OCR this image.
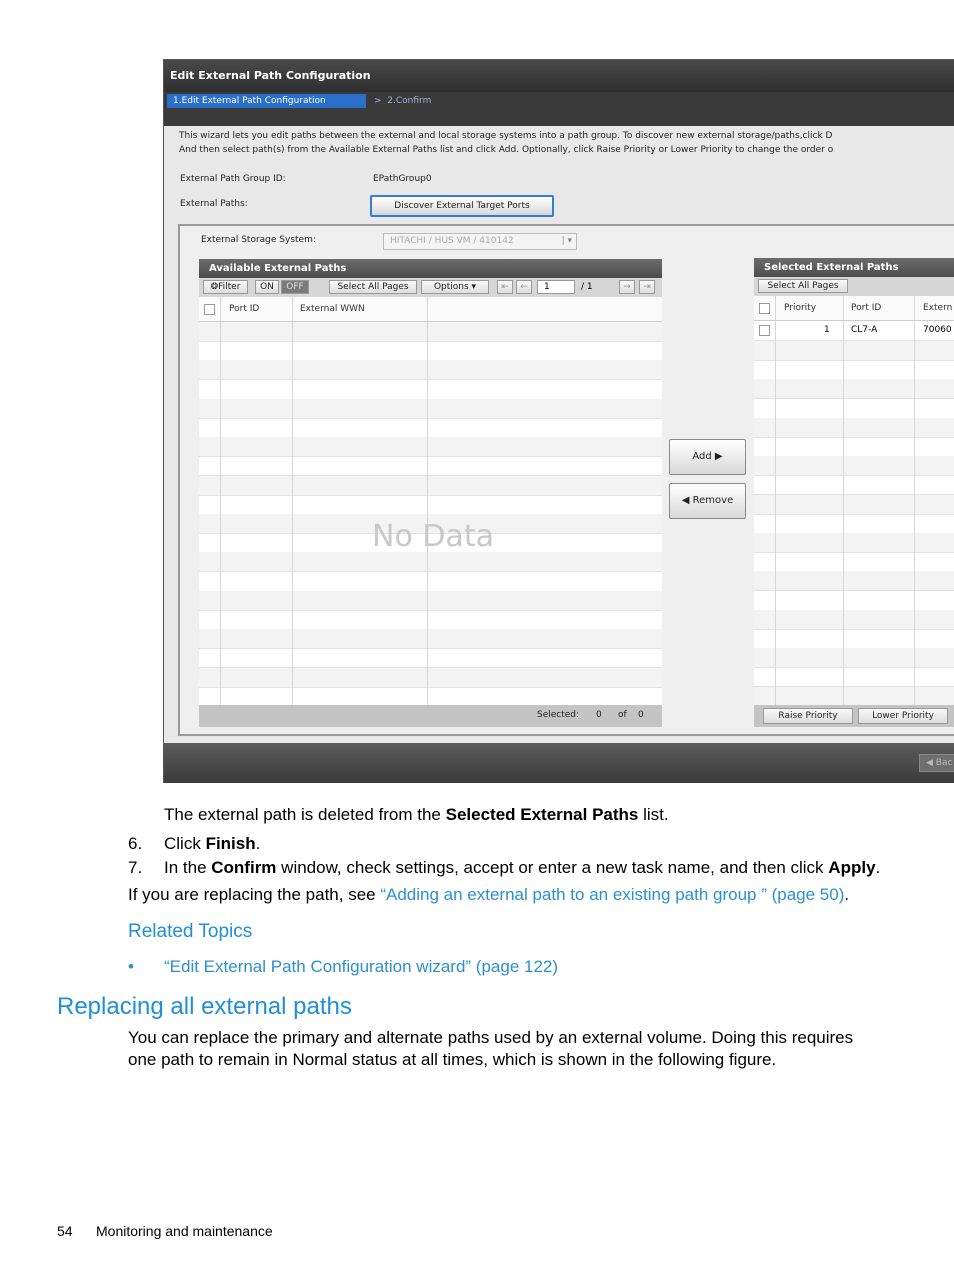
Edit External Path Configuration
1.Edit External Path Configuration	> 2.Confirm
This wizard lets you edit paths between the external and local storage systems into a path group. To discover new external storage/paths,click D
And then select path(s) from the Available External Paths list and click Add. Optionally, click Raise Priority or Lower Priority to change the order o
External Path Group ID:	EPathGroup0
External Paths:	Discover External Target Ports
External Storage System:	HITACHI / HUS VM / 410142	| ▾
Available External Paths
❂Filter	ON	OFF	Select All Pages	Options ▾	⇤	←	1	/ 1	→	⇥
Port ID	External WWN
No Data
Selected: 0 of 0
Add ▶
◀ Remove
Selected External Paths
Select All Pages
Priority	Port ID	Extern
1 CL7-A	70060
Raise Priority	Lower Priority
◀ Bac
The external path is deleted from the Selected External Paths list.
6. Click Finish.
7. In the Confirm window, check settings, accept or enter a new task name, and then click Apply.
If you are replacing the path, see “Adding an external path to an existing path group ” (page 50).
Related Topics
• “Edit External Path Configuration wizard” (page 122)
Replacing all external paths
You can replace the primary and alternate paths used by an external volume. Doing this requires
one path to remain in Normal status at all times, which is shown in the following figure.
54 Monitoring and maintenance
